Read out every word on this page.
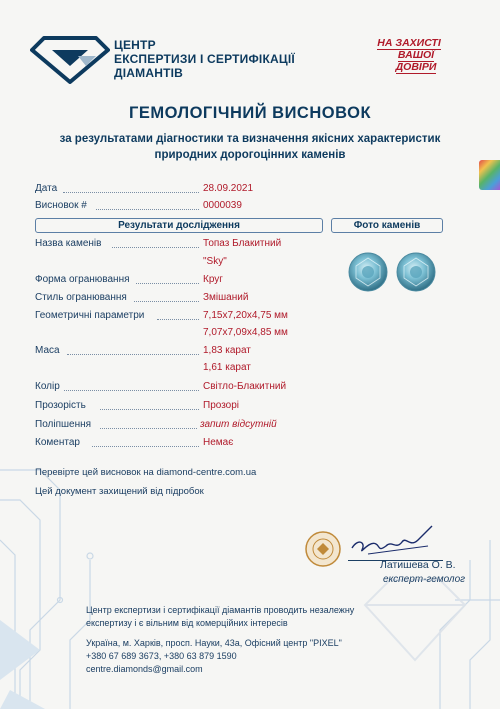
ЦЕНТР
ЕКСПЕРТИЗИ І СЕРТИФІКАЦІЇ
ДІАМАНТІВ
НА ЗАХИСТІ
ВАШОЇ
ДОВІРИ
ГЕМОЛОГІЧНИЙ ВИСНОВОК
за результатами діагностики та визначення якісних характеристик
природних дорогоцінних каменів
Дата	28.09.2021
Висновок #	0000039
Результати дослідження	Фото каменів
Назва каменів	Топаз Блакитний
"Sky"
Форма огранювання	Круг
Стиль огранювання	Змішаний
Геометричні параметри	7,15х7,20х4,75 мм
7,07х7,09х4,85 мм
Маса	1,83 карат
1,61 карат
Колір	Світло-Блакитний
Прозорість	Прозорі
Поліпшення	запит відсутній
Коментар	Немає
Перевірте цей висновок на diamond-centre.com.ua
Цей документ захищений від підробок
Латишева О. В.
експерт-гемолог
Центр експертизи і сертифікації діамантів проводить незалежну
експертизу і є вільним від комерційних інтересів
Україна, м. Харків, просп. Науки, 43а, Офісний центр "PIXEL"
+380 67 689 3673, +380 63 879 1590
centre.diamonds@gmail.com
